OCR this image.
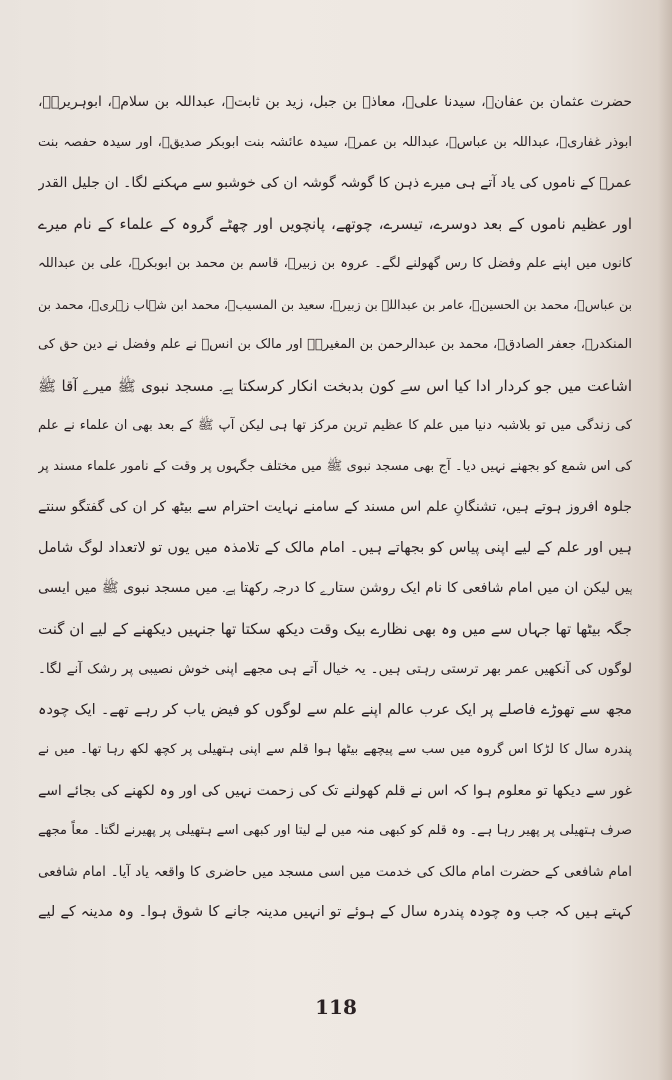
حضرت عثمان بن عفانؓ، سیدنا علیؓ، معاذؓ بن جبل، زید بن ثابتؓ، عبداللہ بن سلامؓ، ابوہریرہؓ،
ابوذر غفاریؓ، عبداللہ بن عباسؓ، عبداللہ بن عمرؓ، سیدہ عائشہ بنت ابوبکر صدیقؓ، اور سیدہ حفصہ بنت
عمرؓ کے ناموں کی یاد آتے ہی میرے ذہن کا گوشہ گوشہ ان کی خوشبو سے مہکنے لگا۔ ان جلیل القدر
اور عظیم ناموں کے بعد دوسرے، تیسرے، چوتھے، پانچویں اور چھٹے گروہ کے علماء کے نام میرے
کانوں میں اپنے علم وفضل کا رس گھولنے لگے۔ عروہ بن زبیرؒ، قاسم بن محمد بن ابوبکرؒ، علی بن عبداللہ
بن عباسؒ، محمد بن الحسینؒ، عامر بن عبداللہ بن زبیرؒ، سعید بن المسیبؒ، محمد ابن شہاب زہریؒ، محمد بن
المنکدرؒ، جعفر الصادقؒ، محمد بن عبدالرحمن بن المغیرہؒ اور مالک بن انسؒ نے علم وفضل نے دین حق کی
اشاعت میں جو کردار ادا کیا اس سے کون بدبخت انکار کرسکتا ہے۔ مسجد نبوی ﷺ میرے آقا ﷺ
کی زندگی میں تو بلاشبہ دنیا میں علم کا عظیم ترین مرکز تھا ہی لیکن آپ ﷺ کے بعد بھی ان علماء نے علم
کی اس شمع کو بجھنے نہیں دیا۔ آج بھی مسجد نبوی ﷺ میں مختلف جگہوں پر وقت کے نامور علماء مسند پر
جلوہ افروز ہوتے ہیں، تشنگانِ علم اس مسند کے سامنے نہایت احترام سے بیٹھ کر ان کی گفتگو سنتے
ہیں اور علم کے لیے اپنی پیاس کو بجھاتے ہیں۔ امام مالک کے تلامذہ میں یوں تو لاتعداد لوگ شامل
ہیں لیکن ان میں امام شافعی کا نام ایک روشن ستارے کا درجہ رکھتا ہے۔ میں مسجد نبوی ﷺ میں ایسی
جگہ بیٹھا تھا جہاں سے میں وہ بھی نظارے بیک وقت دیکھ سکتا تھا جنہیں دیکھنے کے لیے ان گنت
لوگوں کی آنکھیں عمر بھر ترستی رہتی ہیں۔ یہ خیال آتے ہی مجھے اپنی خوش نصیبی پر رشک آنے لگا۔
مجھ سے تھوڑے فاصلے پر ایک عرب عالم اپنے علم سے لوگوں کو فیض یاب کر رہے تھے۔ ایک چودہ
پندرہ سال کا لڑکا اس گروہ میں سب سے پیچھے بیٹھا ہوا قلم سے اپنی ہتھیلی پر کچھ لکھ رہا تھا۔ میں نے
غور سے دیکھا تو معلوم ہوا کہ اس نے قلم کھولنے تک کی زحمت نہیں کی اور وہ لکھنے کی بجائے اسے
صرف ہتھیلی پر پھیر رہا ہے۔ وہ قلم کو کبھی منہ میں لے لیتا اور کبھی اسے ہتھیلی پر پھیرنے لگتا۔ معاً مجھے
امام شافعی کے حضرت امام مالک کی خدمت میں اسی مسجد میں حاضری کا واقعہ یاد آیا۔ امام شافعی
کہتے ہیں کہ جب وہ چودہ پندرہ سال کے ہوئے تو انہیں مدینہ جانے کا شوق ہوا۔ وہ مدینہ کے لیے
118
